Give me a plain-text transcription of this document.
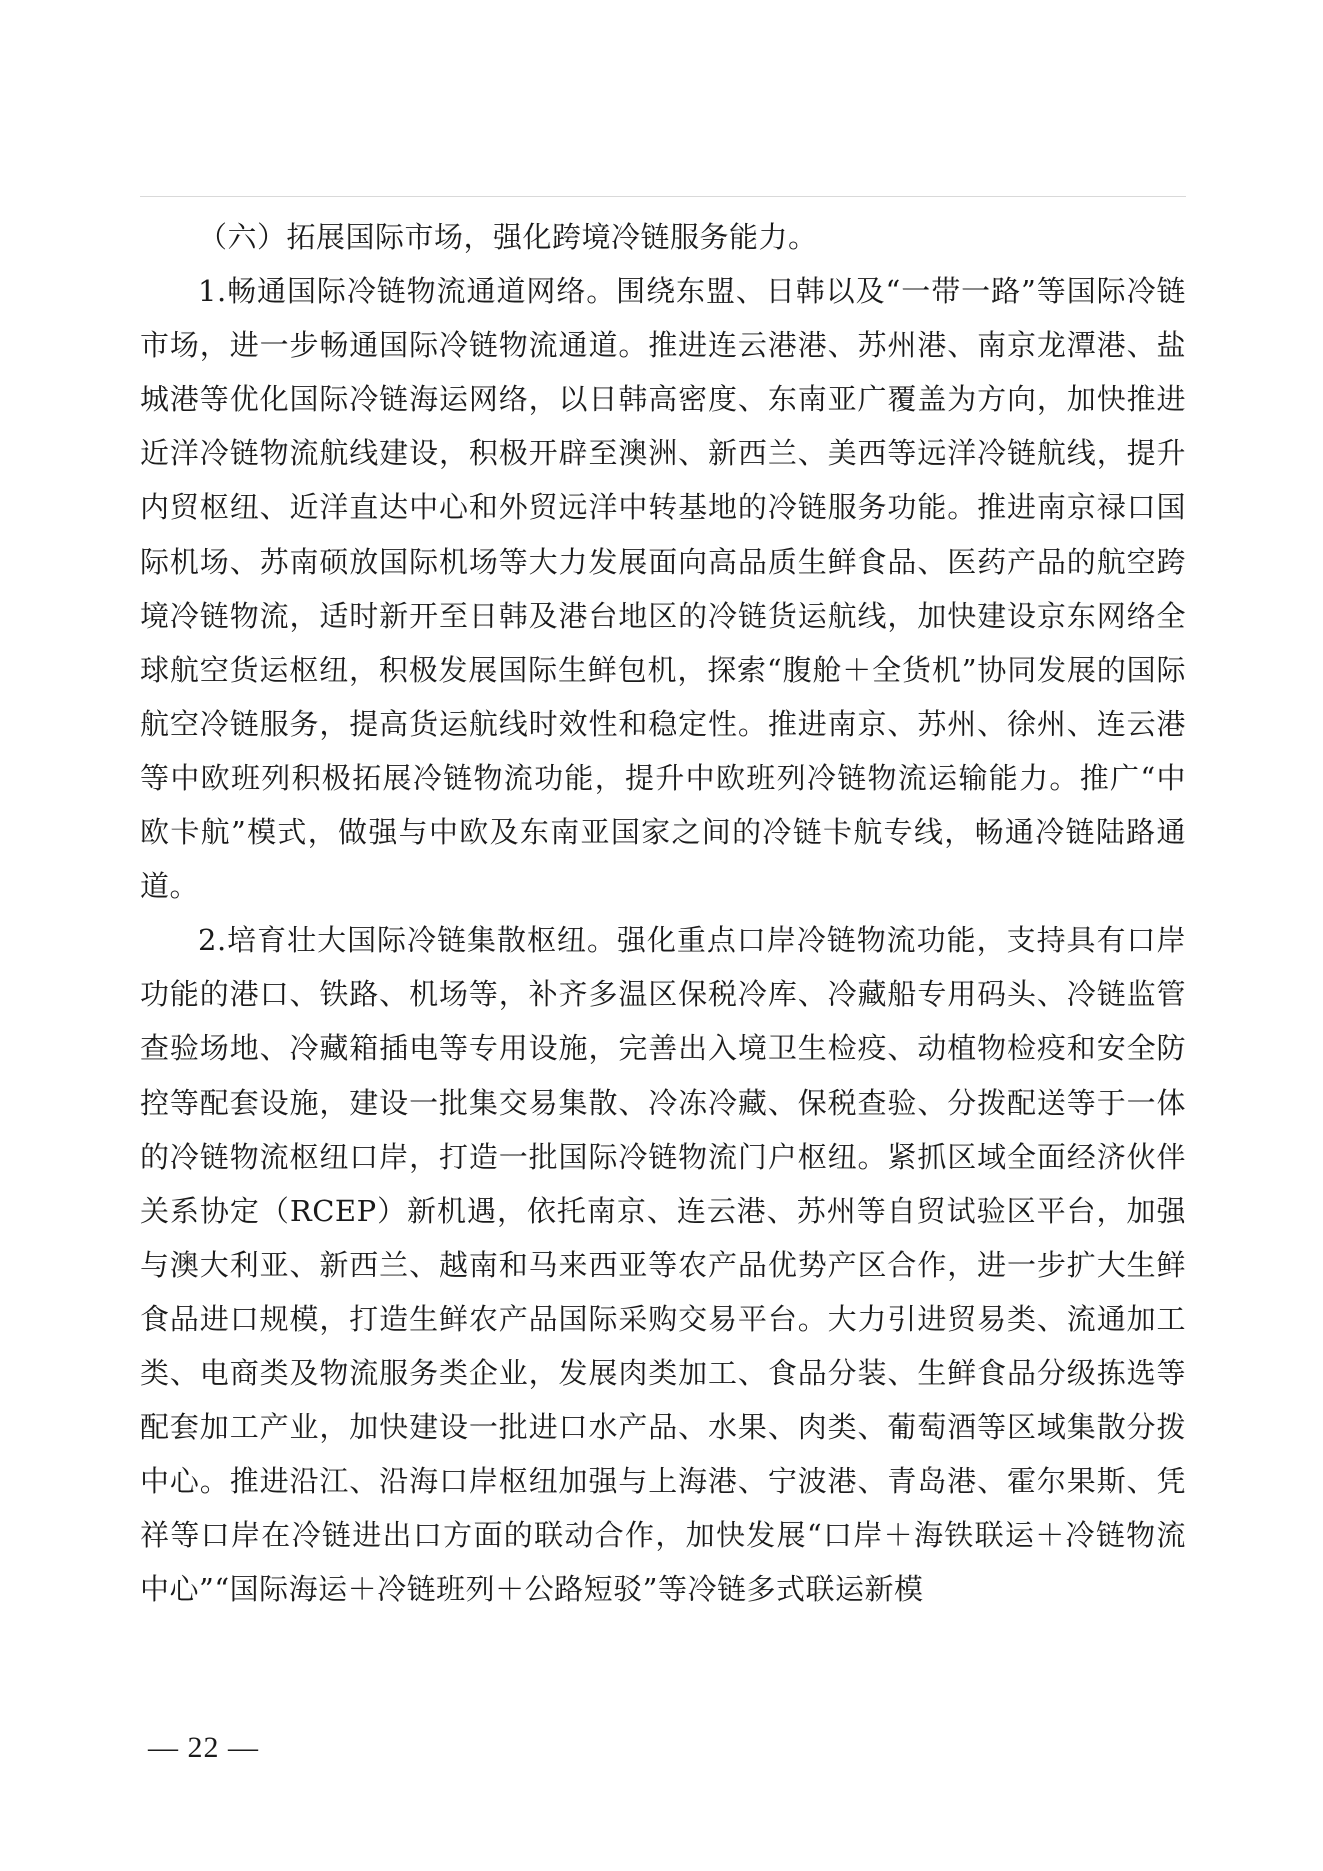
（六）拓展国际市场，强化跨境冷链服务能力。

1.畅通国际冷链物流通道网络。围绕东盟、日韩以及“一带一路”等国际冷链市场，进一步畅通国际冷链物流通道。推进连云港港、苏州港、南京龙潭港、盐城港等优化国际冷链海运网络，以日韩高密度、东南亚广覆盖为方向，加快推进近洋冷链物流航线建设，积极开辟至澳洲、新西兰、美西等远洋冷链航线，提升内贸枢纽、近洋直达中心和外贸远洋中转基地的冷链服务功能。推进南京禄口国际机场、苏南硕放国际机场等大力发展面向高品质生鲜食品、医药产品的航空跨境冷链物流，适时新开至日韩及港台地区的冷链货运航线，加快建设京东网络全球航空货运枢纽，积极发展国际生鲜包机，探索“腹舱＋全货机”协同发展的国际航空冷链服务，提高货运航线时效性和稳定性。推进南京、苏州、徐州、连云港等中欧班列积极拓展冷链物流功能，提升中欧班列冷链物流运输能力。推广“中欧卡航”模式，做强与中欧及东南亚国家之间的冷链卡航专线，畅通冷链陆路通道。

2.培育壮大国际冷链集散枢纽。强化重点口岸冷链物流功能，支持具有口岸功能的港口、铁路、机场等，补齐多温区保税冷库、冷藏船专用码头、冷链监管查验场地、冷藏箱插电等专用设施，完善出入境卫生检疫、动植物检疫和安全防控等配套设施，建设一批集交易集散、冷冻冷藏、保税查验、分拨配送等于一体的冷链物流枢纽口岸，打造一批国际冷链物流门户枢纽。紧抓区域全面经济伙伴关系协定（RCEP）新机遇，依托南京、连云港、苏州等自贸试验区平台，加强与澳大利亚、新西兰、越南和马来西亚等农产品优势产区合作，进一步扩大生鲜食品进口规模，打造生鲜农产品国际采购交易平台。大力引进贸易类、流通加工类、电商类及物流服务类企业，发展肉类加工、食品分装、生鲜食品分级拣选等配套加工产业，加快建设一批进口水产品、水果、肉类、葡萄酒等区域集散分拨中心。推进沿江、沿海口岸枢纽加强与上海港、宁波港、青岛港、霍尔果斯、凭祥等口岸在冷链进出口方面的联动合作，加快发展“口岸＋海铁联运＋冷链物流中心”“国际海运＋冷链班列＋公路短驳”等冷链多式联运新模

— 22 —
